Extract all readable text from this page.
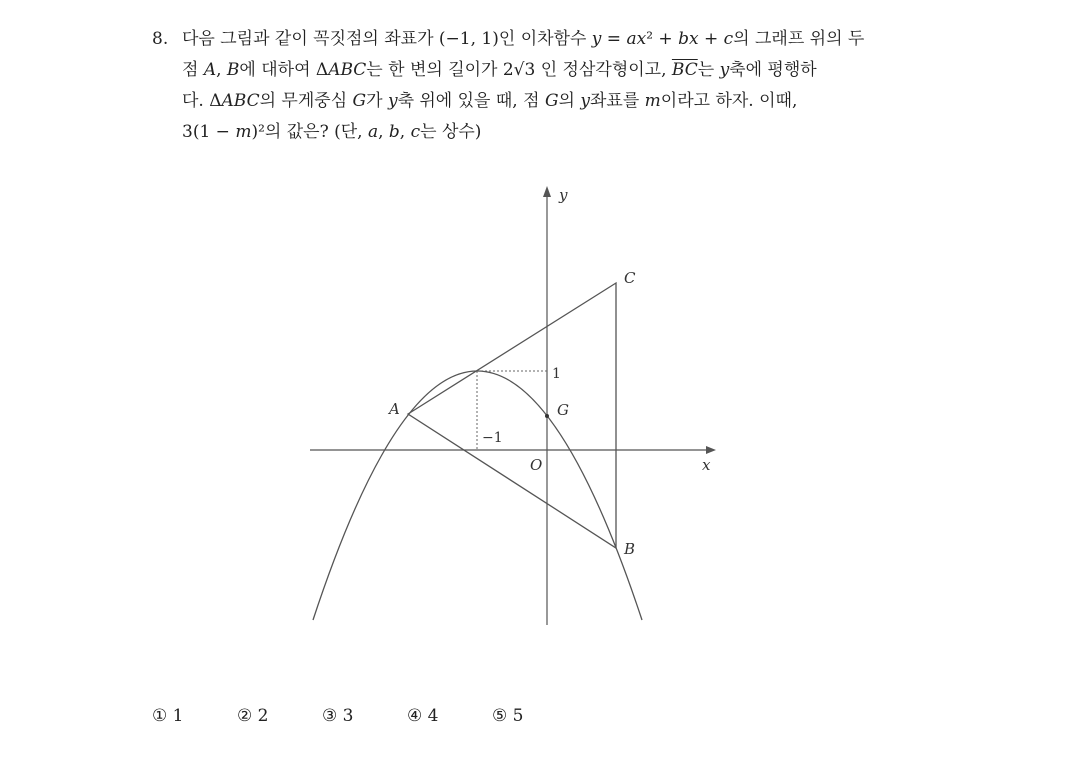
8. 다음 그림과 같이 꼭짓점의 좌표가 (−1, 1)인 이차함수 y = ax² + bx + c의 그래프 위의 두
점 A, B에 대하여 ΔABC는 한 변의 길이가 2√3 인 정삼각형이고, $\overline{BC}$는 y축에 평행하
다. ΔABC의 무게중심 G가 y축 위에 있을 때, 점 G의 y좌표를 m이라고 하자. 이때,
3(1 − m)²의 값은? (단, a, b, c는 상수)
y
x
O
A
B
C
G
1
−1
① 1	② 2	③ 3	④ 4	⑤ 5
